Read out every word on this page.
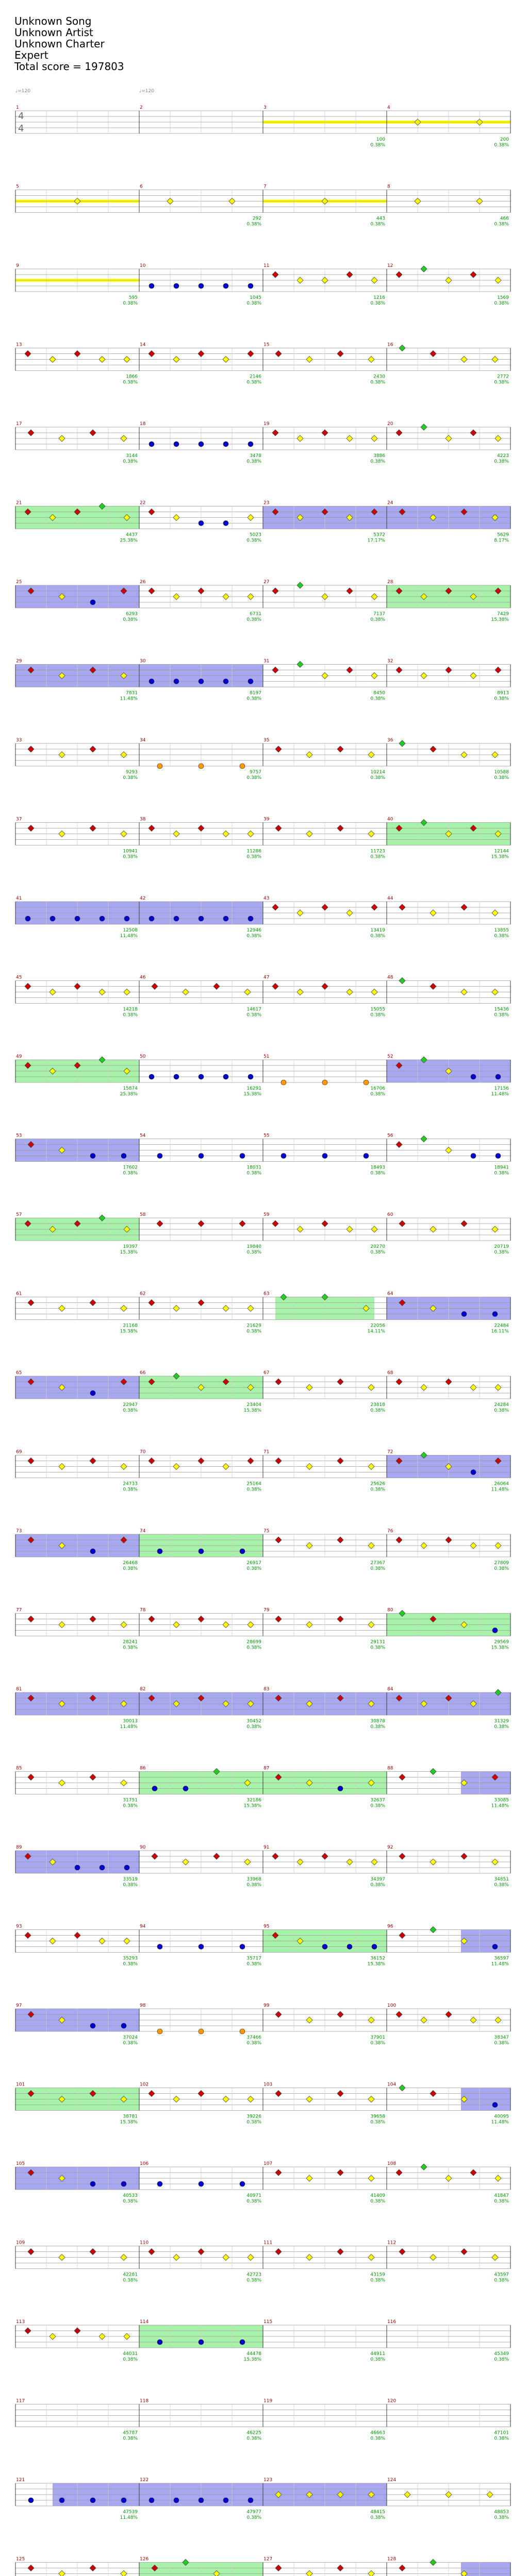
Unknown Song
Unknown Artist
Unknown Charter
Expert
Total score = 197803
♩=120	♩=120
4
4
1	2	3
100
0.38%
4
200
0.38%
5	6
292
0.38%
7
443
0.38%
8
466
0.38%
9
595
0.38%
10
1045
0.38%
11
1216
0.38%
12
1569
0.38%
13
1866
0.38%
14
2146
0.38%
15
2430
0.38%
16
2772
0.38%
17
3144
0.38%
18
3478
0.38%
19
3886
0.38%
20
4223
0.38%
21
4437
25.38%
22
5023
0.38%
23
5372
17.17%
24
5629
8.17%
25
6293
0.38%
26
6731
0.38%
27
7137
0.38%
28
7429
15.38%
29
7831
11.48%
30
8197
0.38%
31
8450
0.38%
32
8913
0.38%
33
9293
0.38%
34
9757
0.38%
35
10214
0.38%
36
10588
0.38%
37
10941
0.38%
38
11286
0.38%
39
11723
0.38%
40
12144
15.38%
41
12508
11.48%
42
12946
0.38%
43
13419
0.38%
44
13855
0.38%
45
14218
0.38%
46
14617
0.38%
47
15055
0.38%
48
15436
0.38%
49
15874
25.38%
50
16291
15.38%
51
16706
0.38%
52
17156
11.48%
53
17602
0.38%
54
18031
0.38%
55
18493
0.38%
56
18941
0.38%
57
19397
15.38%
58
19840
0.38%
59
20270
0.38%
60
20719
0.38%
61
21168
15.38%
62
21629
0.38%
63
22056
14.11%
64
22484
16.11%
65
22947
0.38%
66
23404
15.38%
67
23818
0.38%
68
24284
0.38%
69
24733
0.38%
70
25164
0.38%
71
25626
0.38%
72
26064
11.48%
73
26468
0.38%
74
26917
0.38%
75
27367
0.38%
76
27809
0.38%
77
28241
0.38%
78
28699
0.38%
79
29131
0.38%
80
29569
15.38%
81
30013
11.48%
82
30452
0.38%
83
30878
0.38%
84
31329
0.38%
85
31751
0.38%
86
32186
15.38%
87
32637
0.38%
88
33085
11.48%
89
33519
0.38%
90
33968
0.38%
91
34397
0.38%
92
34851
0.38%
93
35293
0.38%
94
35717
0.38%
95
36152
15.38%
96
36597
11.48%
97
37024
0.38%
98
37466
0.38%
99
37901
0.38%
100
38347
0.38%
101
38781
15.38%
102
39226
0.38%
103
39658
0.38%
104
40095
11.48%
105
40533
0.38%
106
40971
0.38%
107
41409
0.38%
108
41847
0.38%
109
42281
0.38%
110
42723
0.38%
111
43159
0.38%
112
43597
0.38%
113
44031
0.38%
114
44478
15.38%
115
44911
0.38%
116
45349
0.38%
117
45787
0.38%
118
46225
0.38%
119
46663
0.38%
120
47101
0.38%
121
47539
11.48%
122
47977
0.38%
123
48415
0.38%
124
48853
0.38%
125	126	127	128
